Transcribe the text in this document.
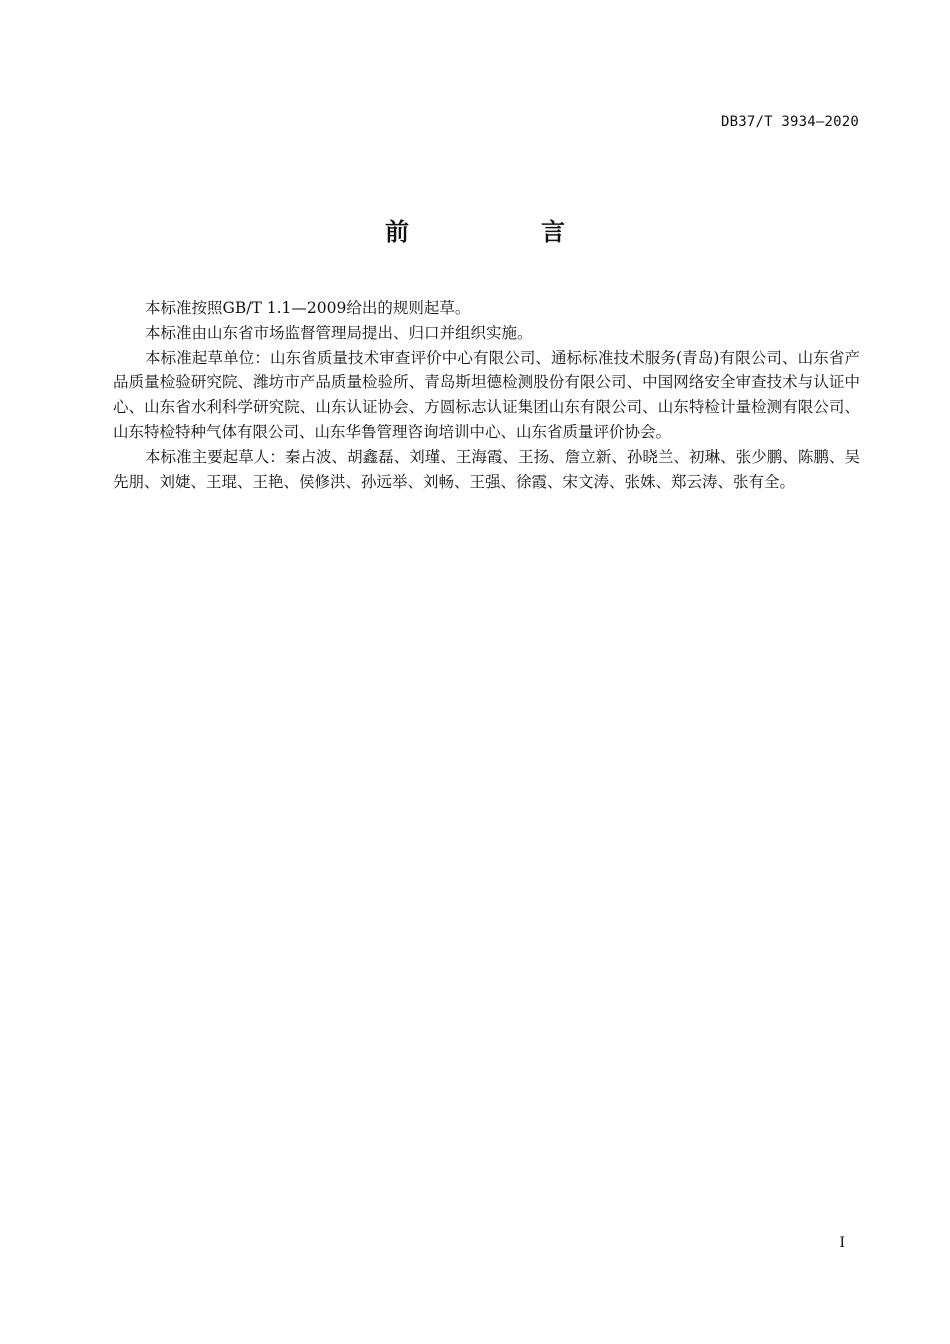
DB37/T 3934—2020
前　言

本标准按照GB/T 1.1—2009给出的规则起草。

本标准由山东省市场监督管理局提出、归口并组织实施。

本标准起草单位：山东省质量技术审查评价中心有限公司、通标标准技术服务(青岛)有限公司、山东省产品质量检验研究院、潍坊市产品质量检验所、青岛斯坦德检测股份有限公司、中国网络安全审查技术与认证中心、山东省水利科学研究院、山东认证协会、方圆标志认证集团山东有限公司、山东特检计量检测有限公司、山东特检特种气体有限公司、山东华鲁管理咨询培训中心、山东省质量评价协会。

本标准主要起草人：秦占波、胡鑫磊、刘瑾、王海霞、王扬、詹立新、孙晓兰、初琳、张少鹏、陈鹏、吴先朋、刘婕、王琨、王艳、侯修洪、孙远举、刘畅、王强、徐霞、宋文涛、张姝、郑云涛、张有全。

I
